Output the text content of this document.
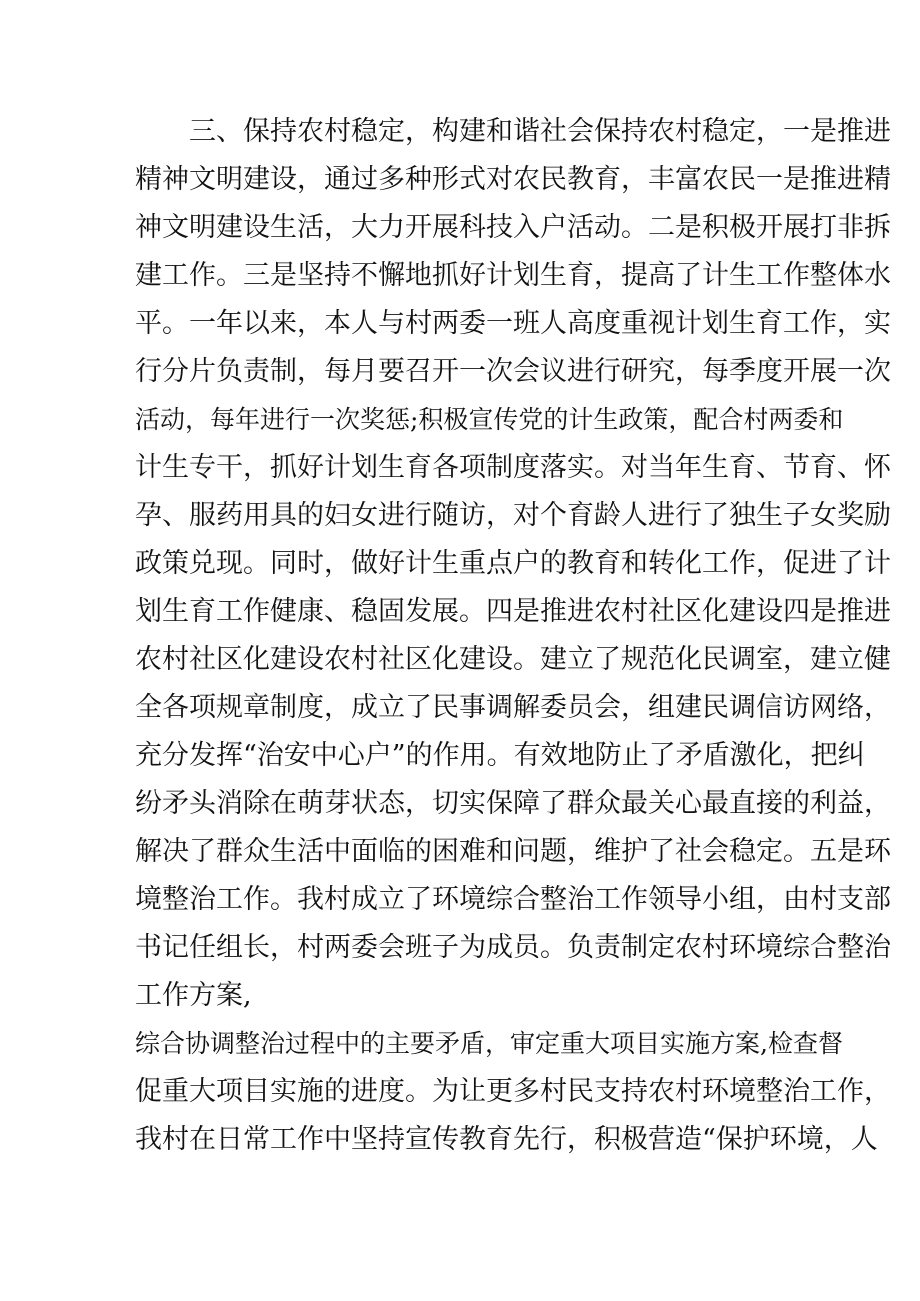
三、保持农村稳定，构建和谐社会保持农村稳定，一是推进
精神文明建设，通过多种形式对农民教育，丰富农民一是推进精
神文明建设生活，大力开展科技入户活动。二是积极开展打非拆
建工作。三是坚持不懈地抓好计划生育，提高了计生工作整体水
平。一年以来，本人与村两委一班人高度重视计划生育工作，实
行分片负责制，每月要召开一次会议进行研究，每季度开展一次
活动，每年进行一次奖惩;积极宣传党的计生政策，配合村两委和
计生专干，抓好计划生育各项制度落实。对当年生育、节育、怀
孕、服药用具的妇女进行随访，对个育龄人进行了独生子女奖励
政策兑现。同时，做好计生重点户的教育和转化工作，促进了计
划生育工作健康、稳固发展。四是推进农村社区化建设四是推进
农村社区化建设农村社区化建设。建立了规范化民调室，建立健
全各项规章制度，成立了民事调解委员会，组建民调信访网络，
充分发挥“治安中心户”的作用。有效地防止了矛盾激化，把纠
纷矛头消除在萌芽状态，切实保障了群众最关心最直接的利益，
解决了群众生活中面临的困难和问题，维护了社会稳定。五是环
境整治工作。我村成立了环境综合整治工作领导小组，由村支部
书记任组长，村两委会班子为成员。负责制定农村环境综合整治
工作方案,
综合协调整治过程中的主要矛盾，审定重大项目实施方案,检查督
促重大项目实施的进度。为让更多村民支持农村环境整治工作，
我村在日常工作中坚持宣传教育先行，积极营造“保护环境，人
